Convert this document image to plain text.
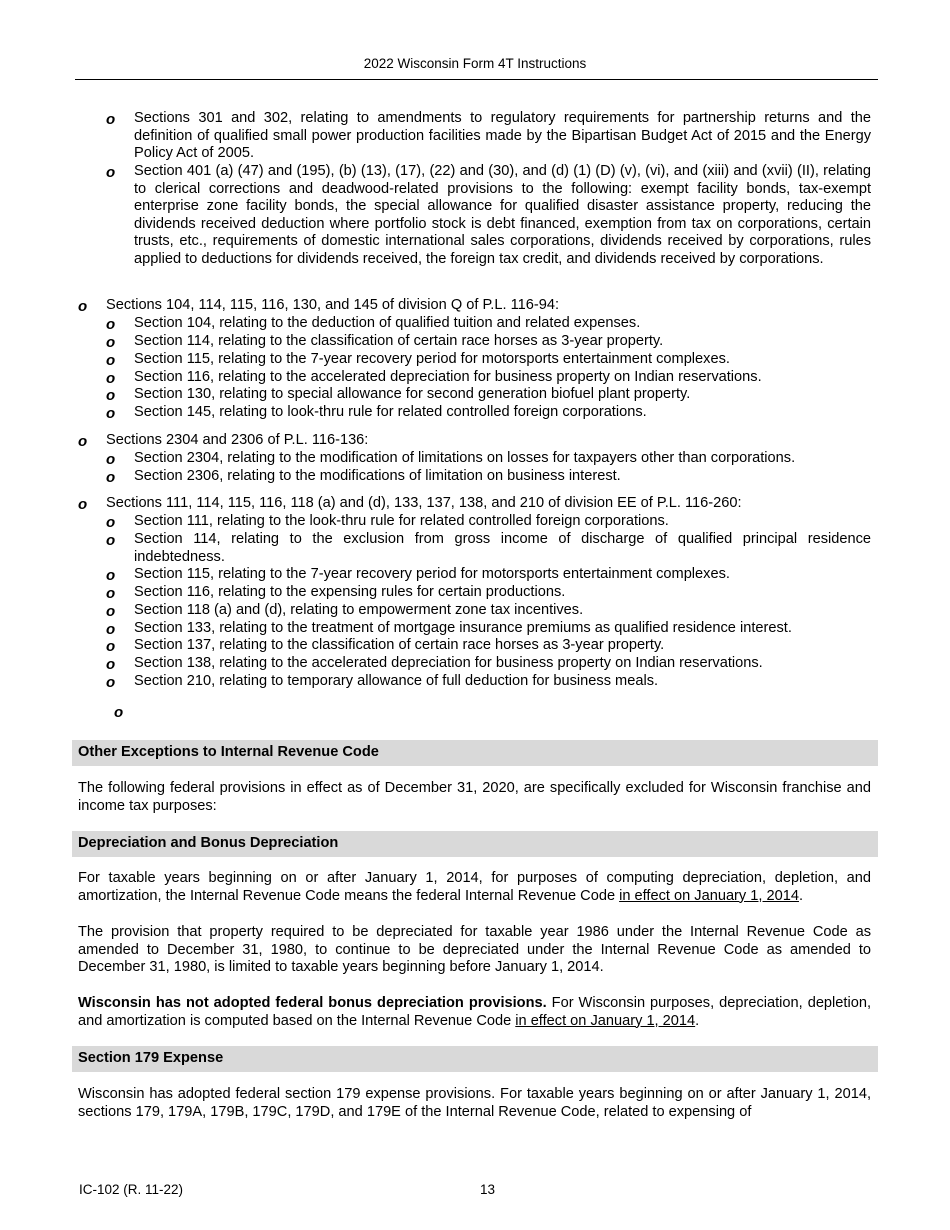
2022 Wisconsin Form 4T Instructions
o Sections 301 and 302, relating to amendments to regulatory requirements for partnership returns and the definition of qualified small power production facilities made by the Bipartisan Budget Act of 2015 and the Energy Policy Act of 2005.
o Section 401 (a) (47) and (195), (b) (13), (17), (22) and (30), and (d) (1) (D) (v), (vi), and (xiii) and (xvii) (II), relating to clerical corrections and deadwood-related provisions to the following: exempt facility bonds, tax-exempt enterprise zone facility bonds, the special allowance for qualified disaster assistance property, reducing the dividends received deduction where portfolio stock is debt financed, exemption from tax on corporations, certain trusts, etc., requirements of domestic international sales corporations, dividends received by corporations, rules applied to deductions for dividends received, the foreign tax credit, and dividends received by corporations.
o Sections 104, 114, 115, 116, 130, and 145 of division Q of P.L. 116-94:
o Section 104, relating to the deduction of qualified tuition and related expenses.
o Section 114, relating to the classification of certain race horses as 3-year property.
o Section 115, relating to the 7-year recovery period for motorsports entertainment complexes.
o Section 116, relating to the accelerated depreciation for business property on Indian reservations.
o Section 130, relating to special allowance for second generation biofuel plant property.
o Section 145, relating to look-thru rule for related controlled foreign corporations.
o Sections 2304 and 2306 of P.L. 116-136:
o Section 2304, relating to the modification of limitations on losses for taxpayers other than corporations.
o Section 2306, relating to the modifications of limitation on business interest.
o Sections 111, 114, 115, 116, 118 (a) and (d), 133, 137, 138, and 210 of division EE of P.L. 116-260:
o Section 111, relating to the look-thru rule for related controlled foreign corporations.
o Section 114, relating to the exclusion from gross income of discharge of qualified principal residence indebtedness.
o Section 115, relating to the 7-year recovery period for motorsports entertainment complexes.
o Section 116, relating to the expensing rules for certain productions.
o Section 118 (a) and (d), relating to empowerment zone tax incentives.
o Section 133, relating to the treatment of mortgage insurance premiums as qualified residence interest.
o Section 137, relating to the classification of certain race horses as 3-year property.
o Section 138, relating to the accelerated depreciation for business property on Indian reservations.
o Section 210, relating to temporary allowance of full deduction for business meals.
o
Other Exceptions to Internal Revenue Code
The following federal provisions in effect as of December 31, 2020, are specifically excluded for Wisconsin franchise and income tax purposes:
Depreciation and Bonus Depreciation
For taxable years beginning on or after January 1, 2014, for purposes of computing depreciation, depletion, and amortization, the Internal Revenue Code means the federal Internal Revenue Code in effect on January 1, 2014.
The provision that property required to be depreciated for taxable year 1986 under the Internal Revenue Code as amended to December 31, 1980, to continue to be depreciated under the Internal Revenue Code as amended to December 31, 1980, is limited to taxable years beginning before January 1, 2014.
Wisconsin has not adopted federal bonus depreciation provisions. For Wisconsin purposes, depreciation, depletion, and amortization is computed based on the Internal Revenue Code in effect on January 1, 2014.
Section 179 Expense
Wisconsin has adopted federal section 179 expense provisions. For taxable years beginning on or after January 1, 2014, sections 179, 179A, 179B, 179C, 179D, and 179E of the Internal Revenue Code, related to expensing of
IC-102 (R. 11-22)	13
